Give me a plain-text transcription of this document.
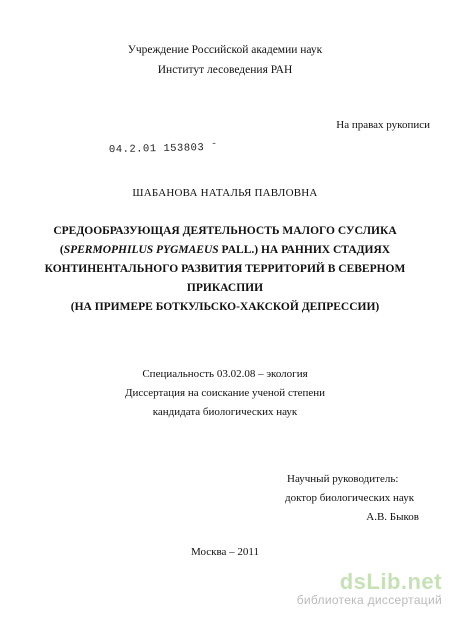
Учреждение Российской академии наук
Институт лесоведения РАН
На правах рукописи
04.2.01 153803 ˉ
ШАБАНОВА НАТАЛЬЯ ПАВЛОВНА
СРЕДООБРАЗУЮЩАЯ ДЕЯТЕЛЬНОСТЬ МАЛОГО СУСЛИКА
(SPERMOPHILUS PYGMAEUS PALL.) НА РАННИХ СТАДИЯХ
КОНТИНЕНТАЛЬНОГО РАЗВИТИЯ ТЕРРИТОРИЙ В СЕВЕРНОМ
ПРИКАСПИИ
(НА ПРИМЕРЕ БОТКУЛЬСКО-ХАКСКОЙ ДЕПРЕССИИ)
Специальность 03.02.08 – экология
Диссертация на соискание ученой степени
кандидата биологических наук
Научный руководитель:
доктор биологических наук
А.В. Быков
Москва – 2011
dsLib.net
библиотека диссертаций
